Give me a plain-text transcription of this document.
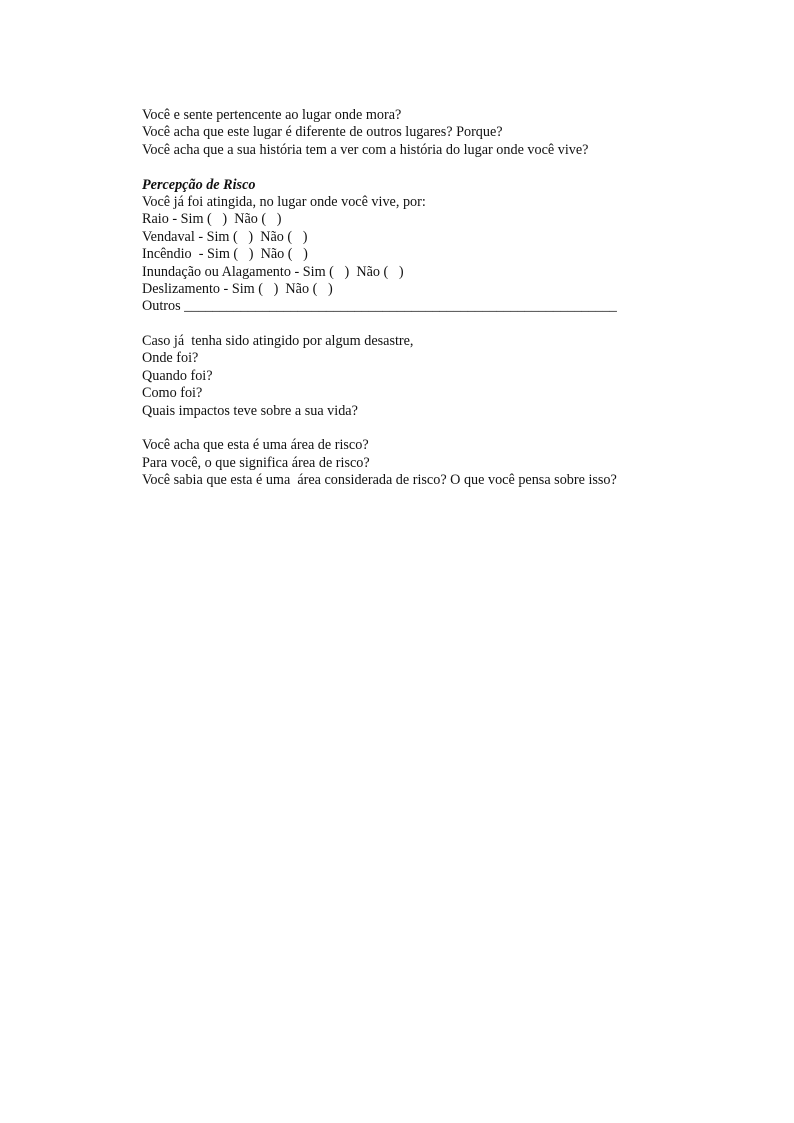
Você e sente pertencente ao lugar onde mora?
Você acha que este lugar é diferente de outros lugares? Porque?
Você acha que a sua história tem a ver com a história do lugar onde você vive?
Percepção de Risco
Você já foi atingida, no lugar onde você vive, por:
Raio - Sim (   )  Não (   )
Vendaval - Sim (   )  Não (   )
Incêndio  - Sim (   )  Não (   )
Inundação ou Alagamento - Sim (   )  Não (   )
Deslizamento - Sim (   )  Não (   )
Outros _____________________________________________________________
Caso já  tenha sido atingido por algum desastre,
Onde foi?
Quando foi?
Como foi?
Quais impactos teve sobre a sua vida?
Você acha que esta é uma área de risco?
Para você, o que significa área de risco?
Você sabia que esta é uma  área considerada de risco? O que você pensa sobre isso?
